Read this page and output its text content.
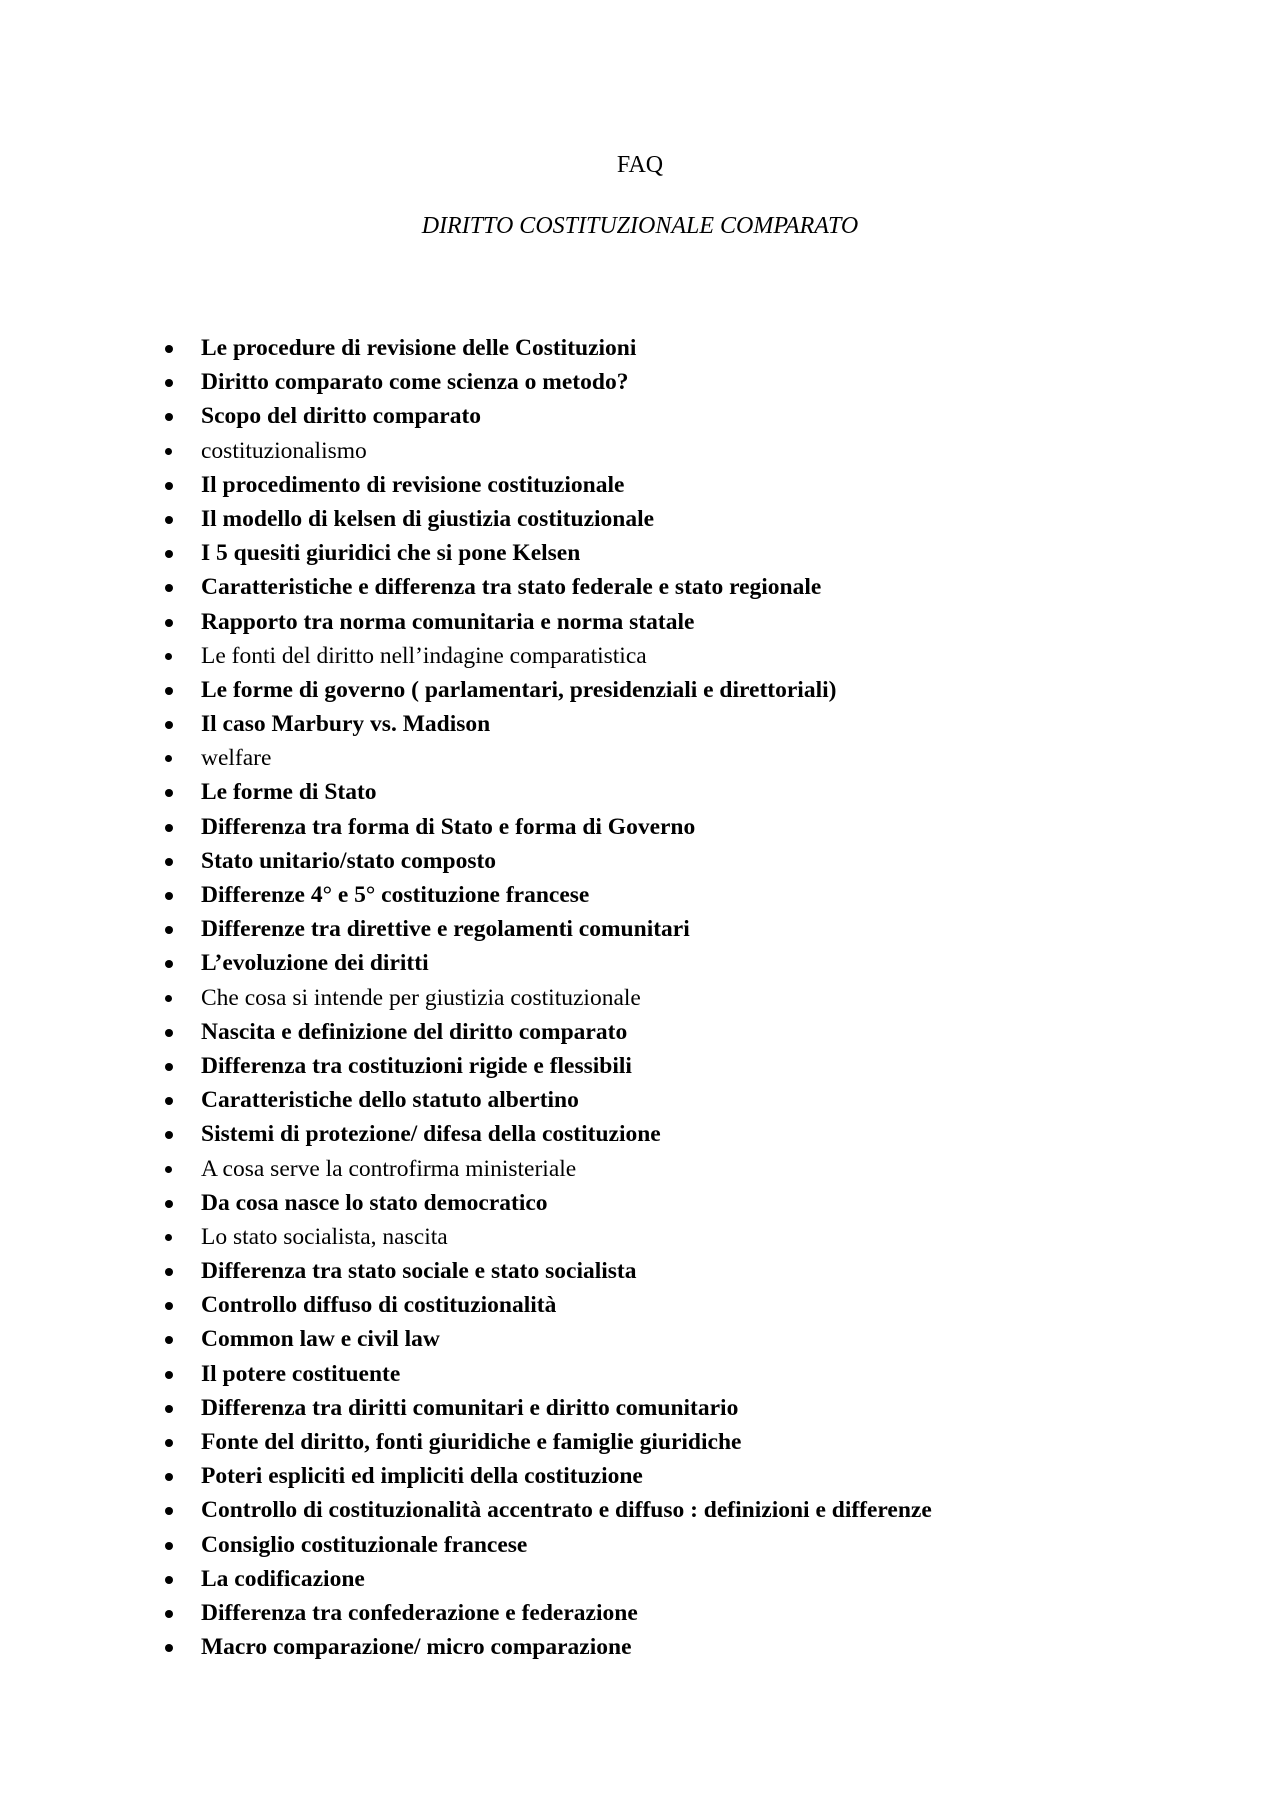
FAQ
DIRITTO COSTITUZIONALE COMPARATO
Le procedure di revisione delle Costituzioni
Diritto comparato come scienza o metodo?
Scopo del diritto comparato
costituzionalismo
Il procedimento di revisione costituzionale
Il modello di kelsen di giustizia costituzionale
I 5 quesiti giuridici che si pone Kelsen
Caratteristiche e differenza tra stato federale e stato regionale
Rapporto tra norma comunitaria e norma statale
Le fonti del diritto nell’indagine comparatistica
Le forme di governo ( parlamentari, presidenziali e direttoriali)
Il caso Marbury vs. Madison
welfare
Le forme di Stato
Differenza tra forma di Stato e forma di Governo
Stato unitario/stato composto
Differenze 4° e 5° costituzione francese
Differenze tra direttive e regolamenti comunitari
L’evoluzione dei diritti
Che cosa si intende per giustizia costituzionale
Nascita e definizione del diritto comparato
Differenza tra costituzioni rigide e flessibili
Caratteristiche dello statuto albertino
Sistemi di protezione/ difesa della costituzione
A cosa serve la controfirma ministeriale
Da cosa nasce lo stato democratico
Lo stato socialista, nascita
Differenza tra stato sociale e stato socialista
Controllo diffuso di costituzionalità
Common law e civil law
Il potere costituente
Differenza tra diritti comunitari e diritto comunitario
Fonte del diritto, fonti giuridiche e famiglie giuridiche
Poteri espliciti ed impliciti della costituzione
Controllo di costituzionalità accentrato e diffuso : definizioni e differenze
Consiglio costituzionale francese
La codificazione
Differenza tra confederazione e federazione
Macro comparazione/ micro comparazione
